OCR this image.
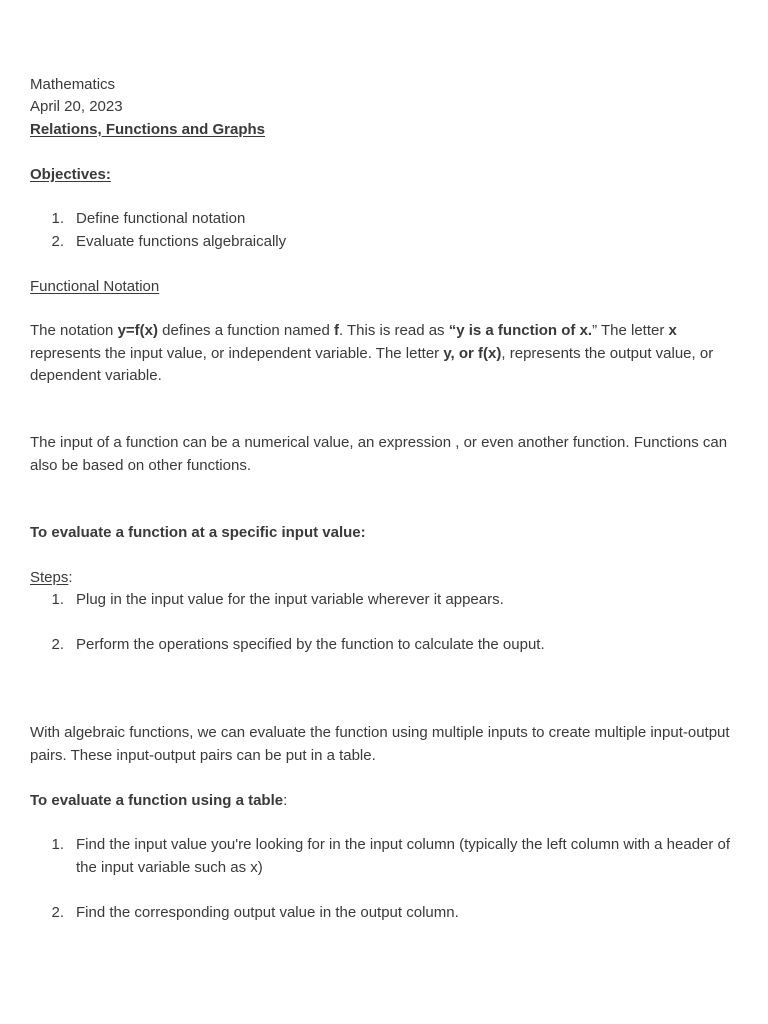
Mathematics
April 20, 2023
Relations, Functions and Graphs
Objectives:
1. Define functional notation
2. Evaluate functions algebraically
Functional Notation

The notation y=f(x) defines a function named f. This is read as “y is a function of x.” The letter x represents the input value, or independent variable. The letter y, or f(x), represents the output value, or dependent variable.

The input of a function can be a numerical value, an expression , or even another function. Functions can also be based on other functions.

To evaluate a function at a specific input value:
Steps:
1. Plug in the input value for the input variable wherever it appears.
2. Perform the operations specified by the function to calculate the ouput.

With algebraic functions, we can evaluate the function using multiple inputs to create multiple input-output pairs. These input-output pairs can be put in a table.

To evaluate a function using a table:
1. Find the input value you're looking for in the input column (typically the left column with a header of the input variable such as x)
2. Find the corresponding output value in the output column.
